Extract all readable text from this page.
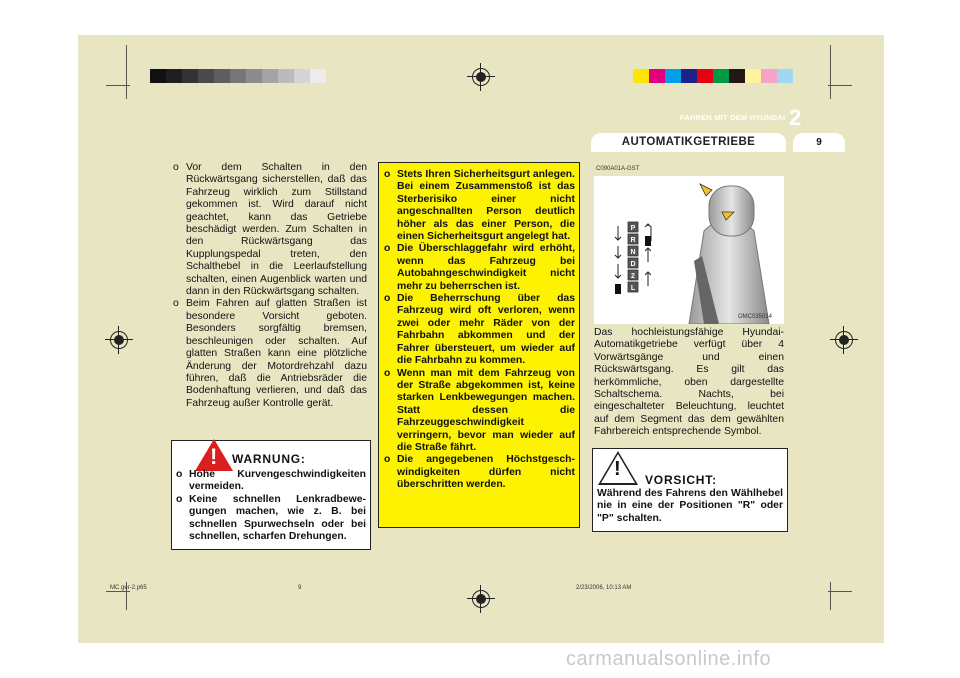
FAHREN MIT DEM HYUNDAI 2
AUTOMATIKGETRIEBE	9
o Vor dem Schalten in den Rückwärtsgang sicherstellen, daß das Fahrzeug wirklich zum Stillstand gekommen ist. Wird darauf nicht geachtet, kann das Getriebe beschädigt werden. Zum Schalten in den Rückwärtsgang das Kupplungspedal treten, den Schalthebel in die Leerlaufstellung schalten, einen Augenblick warten und dann in den Rückwärtsgang schalten.
o Beim Fahren auf glatten Straßen ist besondere Vorsicht geboten. Besonders sorgfältig bremsen, beschleunigen oder schalten. Auf glatten Straßen kann eine plötzliche Änderung der Motordrehzahl dazu führen, daß die Antriebsräder die Bodenhaftung verlieren, und daß das Fahrzeug außer Kontrolle gerät.
! WARNUNG:
o Hohe Kurvengeschwindigkeiten vermeiden.
o Keine schnellen Lenkradbewe-gungen machen, wie z. B. bei schnellen Spurwechseln oder bei schnellen, scharfen Drehungen.
o Stets Ihren Sicherheitsgurt anlegen. Bei einem Zusammenstoß ist das Sterberisiko einer nicht angeschnallten Person deutlich höher als das einer Person, die einen Sicherheitsgurt angelegt hat.
o Die Überschlaggefahr wird erhöht, wenn das Fahrzeug bei Autobahngeschwindigkeit nicht mehr zu beherrschen ist.
o Die Beherrschung über das Fahrzeug wird oft verloren, wenn zwei oder mehr Räder von der Fahrbahn abkommen und der Fahrer übersteuert, um wieder auf die Fahrbahn zu kommen.
o Wenn man mit dem Fahrzeug von der Straße abgekommen ist, keine starken Lenkbewegungen machen. Statt dessen die Fahrzeuggeschwindigkeit verringern, bevor man wieder auf die Straße fährt.
o Die angegebenen Höchstgesch-windigkeiten dürfen nicht überschritten werden.
C090A01A-GST
P
R
N
D
2
L
OMC035014
Das hochleistungsfähige Hyundai-Automatikgetriebe verfügt über 4 Vorwärtsgänge und einen Rückswärtsgang. Es gilt das herkömmliche, oben dargestellte Schaltschema. Nachts, bei eingeschalteter Beleuchtung, leuchtet auf dem Segment das dem gewählten Fahrbereich entsprechende Symbol.
VORSICHT:
Während des Fahrens den Wählhebel nie in eine der Positionen "R" oder "P" schalten.
!
MC ger-2.p65	9	2/23/2006, 10:13 AM
carmanualsonline.info
